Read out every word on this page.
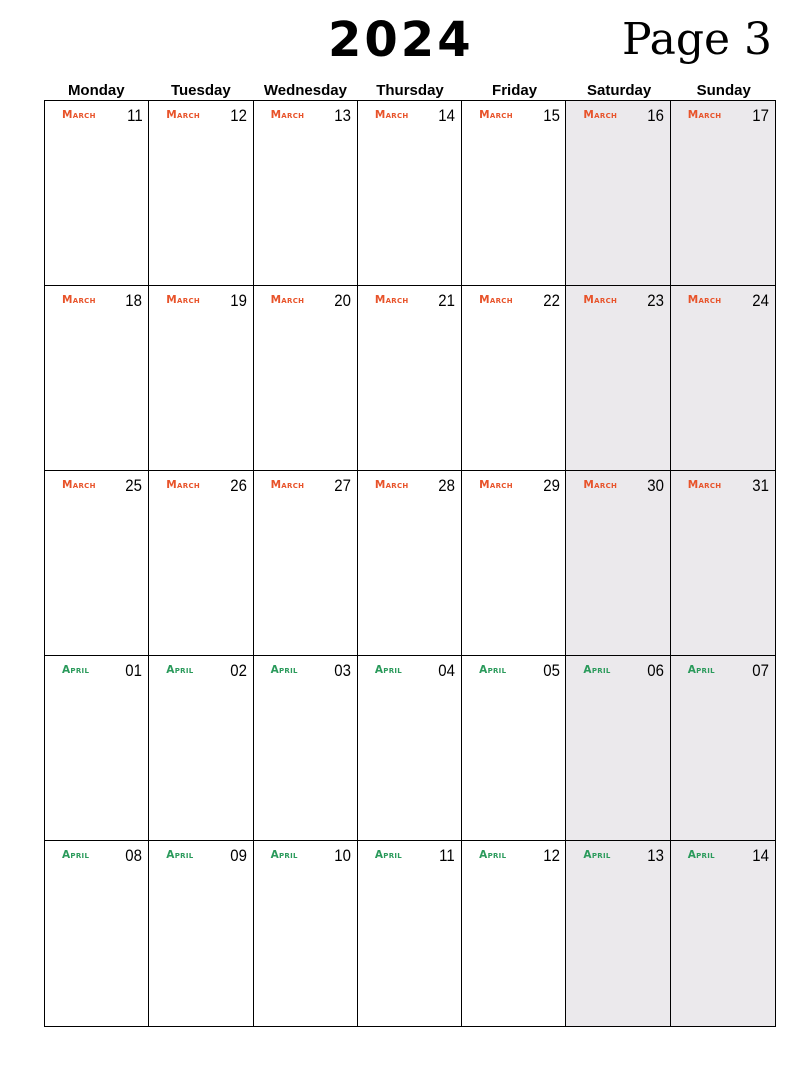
2024	Page 3
Monday	Tuesday	Wednesday	Thursday	Friday	Saturday	Sunday
March 11 March 12 March 13 March 14 March 15 March 16 March 17
March 18 March 19 March 20 March 21 March 22 March 23 March 24
March 25 March 26 March 27 March 28 March 29 March 30 March 31
April 01 April 02 April 03 April 04 April 05 April 06 April 07
April 08 April 09 April 10 April 11 April 12 April 13 April 14
